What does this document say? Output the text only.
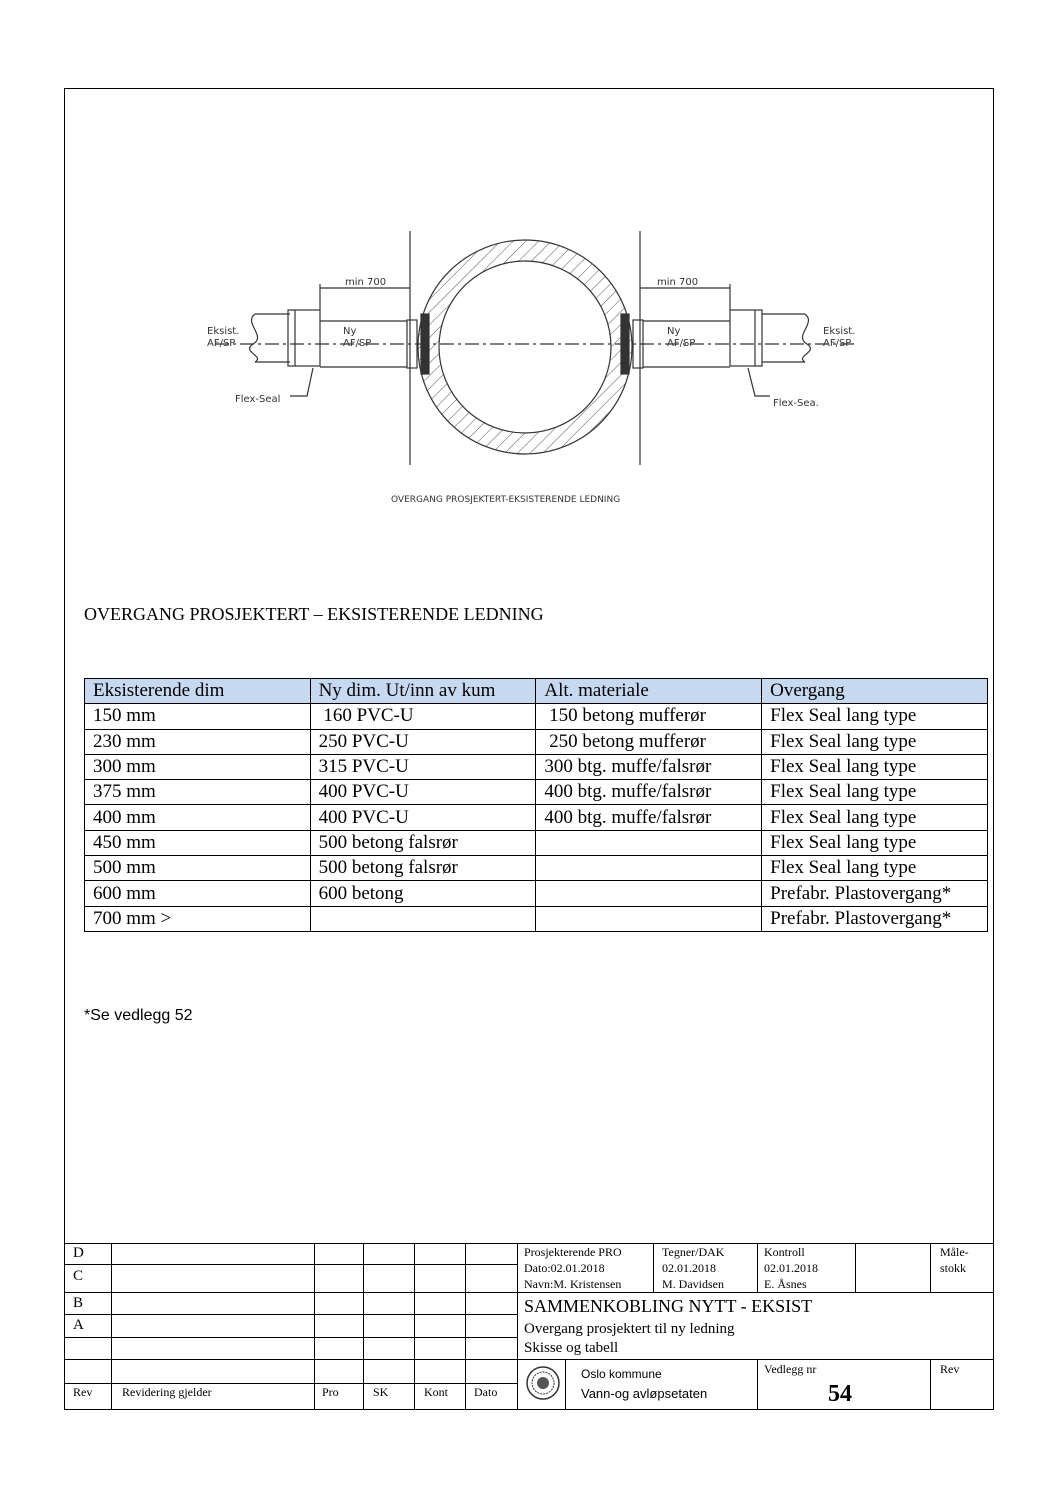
min 700	min 700
Eksist.
AF/SP
Ny
AF/SP
Ny
AF/SP
Eksist.
AF/SP
Flex-Seal	Flex-Sea.
OVERGANG PROSJEKTERT-EKSISTERENDE LEDNING
OVERGANG PROSJEKTERT – EKSISTERENDE LEDNING
Eksisterende dim	Ny dim. Ut/inn av kum	Alt. materiale	Overgang
150 mm	160 PVC-U	150 betong mufferør	Flex Seal lang type
230 mm	250 PVC-U	250 betong mufferør	Flex Seal lang type
300 mm	315 PVC-U	300 btg. muffe/falsrør	Flex Seal lang type
375 mm	400 PVC-U	400 btg. muffe/falsrør	Flex Seal lang type
400 mm	400 PVC-U	400 btg. muffe/falsrør	Flex Seal lang type
450 mm	500 betong falsrør		Flex Seal lang type
500 mm	500 betong falsrør		Flex Seal lang type
600 mm	600 betong		Prefabr. Plastovergang*
700 mm >			Prefabr. Plastovergang*
*Se vedlegg 52
D
C
B
A
Rev Revidering gjelder	Pro	SK	Kont Dato
Prosjekterende PRO
Dato:02.01.2018
Navn:M. Kristensen
Tegner/DAK
02.01.2018
M. Davidsen
Kontroll
02.01.2018
E. Åsnes
Måle-
stokk
SAMMENKOBLING NYTT - EKSIST
Overgang prosjektert til ny ledning
Skisse og tabell
Oslo kommune
Vann-og avløpsetaten
Vedlegg nr
54
Rev
